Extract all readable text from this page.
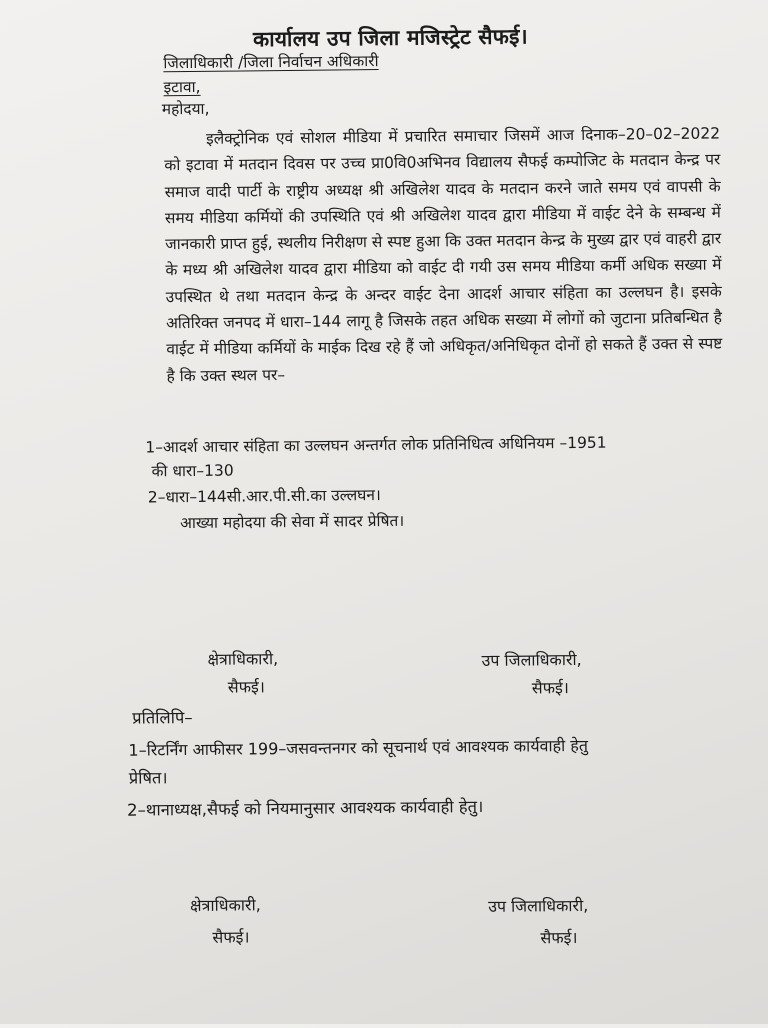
कार्यालय उप जिला मजिस्ट्रेट सैफई।
जिलाधिकारी /जिला निर्वाचन अधिकारी
इटावा,
महोदया,
इलैक्ट्रोनिक एवं सोशल मीडिया में प्रचारित समाचार जिसमें आज दिनाक–20–02–2022 को इटावा में मतदान दिवस पर उच्च प्रा0वि0अभिनव विद्यालय सैफई कम्पोजिट के मतदान केन्द्र पर समाज वादी पार्टी के राष्ट्रीय अध्यक्ष श्री अखिलेश यादव के मतदान करने जाते समय एवं वापसी के समय मीडिया कर्मियों की उपस्थिति एवं श्री अखिलेश यादव द्वारा मीडिया में वाईट देने के सम्बन्ध में जानकारी प्राप्त हुई, स्थलीय निरीक्षण से स्पष्ट हुआ कि उक्त मतदान केन्द्र के मुख्य द्वार एवं वाहरी द्वार के मध्य श्री अखिलेश यादव द्वारा मीडिया को वाईट दी गयी उस समय मीडिया कर्मी अधिक सख्या में उपस्थित थे तथा मतदान केन्द्र के अन्दर वाईट देना आदर्श आचार संहिता का उल्लघन है। इसके अतिरिक्त जनपद में धारा–144 लागू है जिसके तहत अधिक सख्या में लोगों को जुटाना प्रतिबन्धित है वाईट में मीडिया कर्मियों के माईक दिख रहे हैं जो अधिकृत/अनिधिकृत दोनों हो सकते हैं उक्त से स्पष्ट है कि उक्त स्थल पर–
1–आदर्श आचार संहिता का उल्लघन अन्तर्गत लोक प्रतिनिधित्व अधिनियम –1951
की धारा–130
2–धारा–144सी.आर.पी.सी.का उल्लघन।
आख्या महोदया की सेवा में सादर प्रेषित।
क्षेत्राधिकारी,
सैफई।
उप जिलाधिकारी,
सैफई।
प्रतिलिपि–
1–रिटर्निंग आफीसर 199–जसवन्तनगर को सूचनार्थ एवं आवश्यक कार्यवाही हेतु
प्रेषित।
2–थानाध्यक्ष,सैफई को नियमानुसार आवश्यक कार्यवाही हेतु।
क्षेत्राधिकारी,
सैफई।
उप जिलाधिकारी,
सैफई।
